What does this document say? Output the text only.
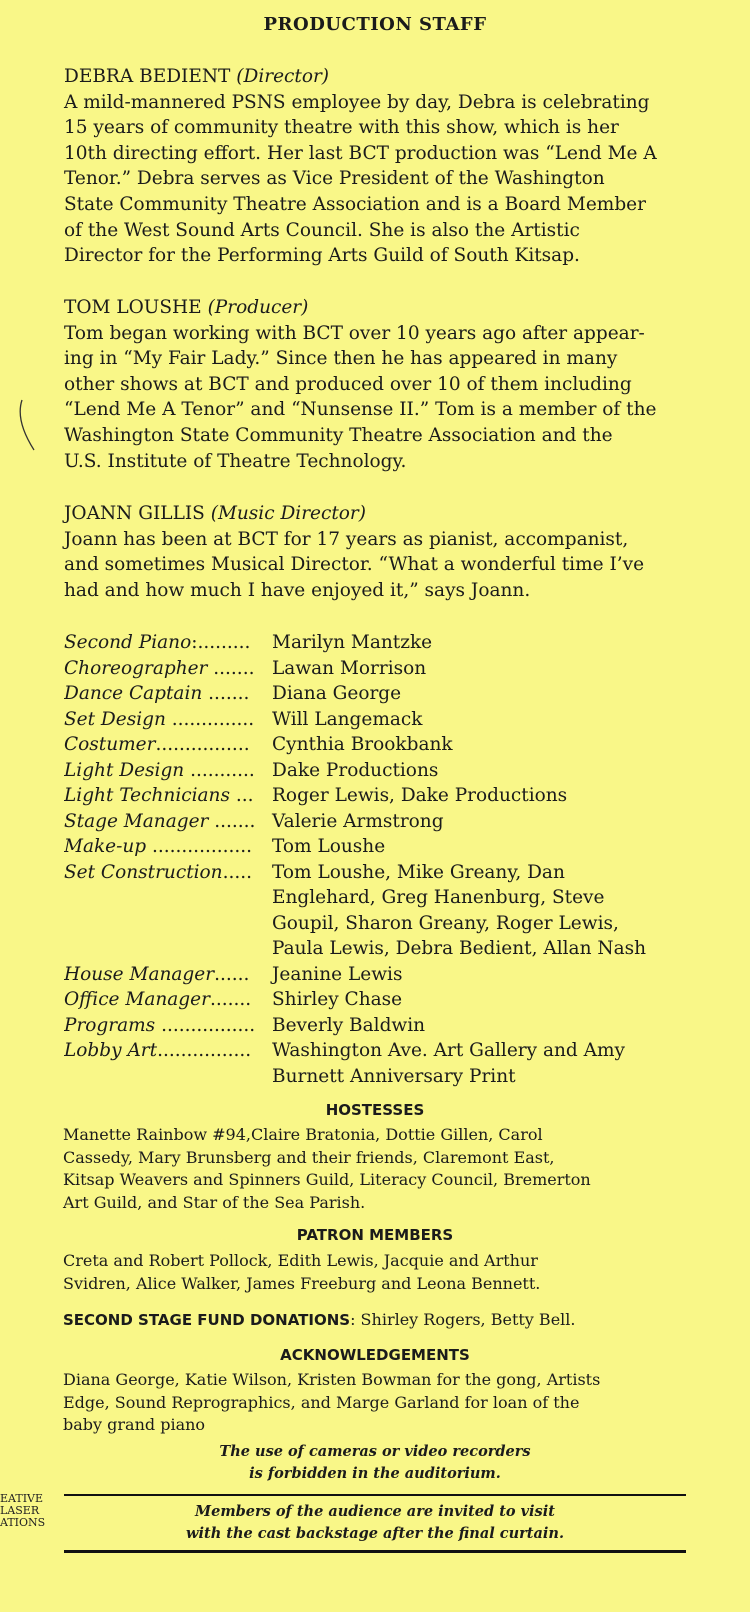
PRODUCTION STAFF
DEBRA BEDIENT (Director)

A mild-mannered PSNS employee by day, Debra is celebrating

15 years of community theatre with this show, which is her

10th directing effort. Her last BCT production was “Lend Me A

Tenor.” Debra serves as Vice President of the Washington

State Community Theatre Association and is a Board Member

of the West Sound Arts Council. She is also the Artistic

Director for the Performing Arts Guild of South Kitsap.

TOM LOUSHE (Producer)

Tom began working with BCT over 10 years ago after appear-

ing in “My Fair Lady.” Since then he has appeared in many

other shows at BCT and produced over 10 of them including

“Lend Me A Tenor” and “Nunsense II.” Tom is a member of the

Washington State Community Theatre Association and the

U.S. Institute of Theatre Technology.

JOANN GILLIS (Music Director)

Joann has been at BCT for 17 years as pianist, accompanist,

and sometimes Musical Director. “What a wonderful time I’ve

had and how much I have enjoyed it,” says Joann.

Second Piano:.........	Marilyn Mantzke
Choreographer ....... Lawan Morrison
Dance Captain .......	Diana George
Set Design .............. Will Langemack
Costumer................	Cynthia Brookbank
Light Design ........... Dake Productions
Light Technicians ...	Roger Lewis, Dake Productions
Stage Manager ....... Valerie Armstrong
Make-up .................	Tom Loushe
Set Construction.....	Tom Loushe, Mike Greany, Dan
Englehard, Greg Hanenburg, Steve
Goupil, Sharon Greany, Roger Lewis,
Paula Lewis, Debra Bedient, Allan Nash
House Manager......	Jeanine Lewis
Office Manager.......	Shirley Chase
Programs ................ Beverly Baldwin
Lobby Art................	Washington Ave. Art Gallery and Amy
Burnett Anniversary Print
HOSTESSES
Manette Rainbow #94,Claire Bratonia, Dottie Gillen, Carol
Cassedy, Mary Brunsberg and their friends, Claremont East,
Kitsap Weavers and Spinners Guild, Literacy Council, Bremerton
Art Guild, and Star of the Sea Parish.
PATRON MEMBERS
Creta and Robert Pollock, Edith Lewis, Jacquie and Arthur
Svidren, Alice Walker, James Freeburg and Leona Bennett.
SECOND STAGE FUND DONATIONS: Shirley Rogers, Betty Bell.
ACKNOWLEDGEMENTS
Diana George, Katie Wilson, Kristen Bowman for the gong, Artists
Edge, Sound Reprographics, and Marge Garland for loan of the
baby grand piano
The use of cameras or video recorders
is forbidden in the auditorium.
Members of the audience are invited to visit
with the cast backstage after the final curtain.
EATIVE
LASER
ATIONS
